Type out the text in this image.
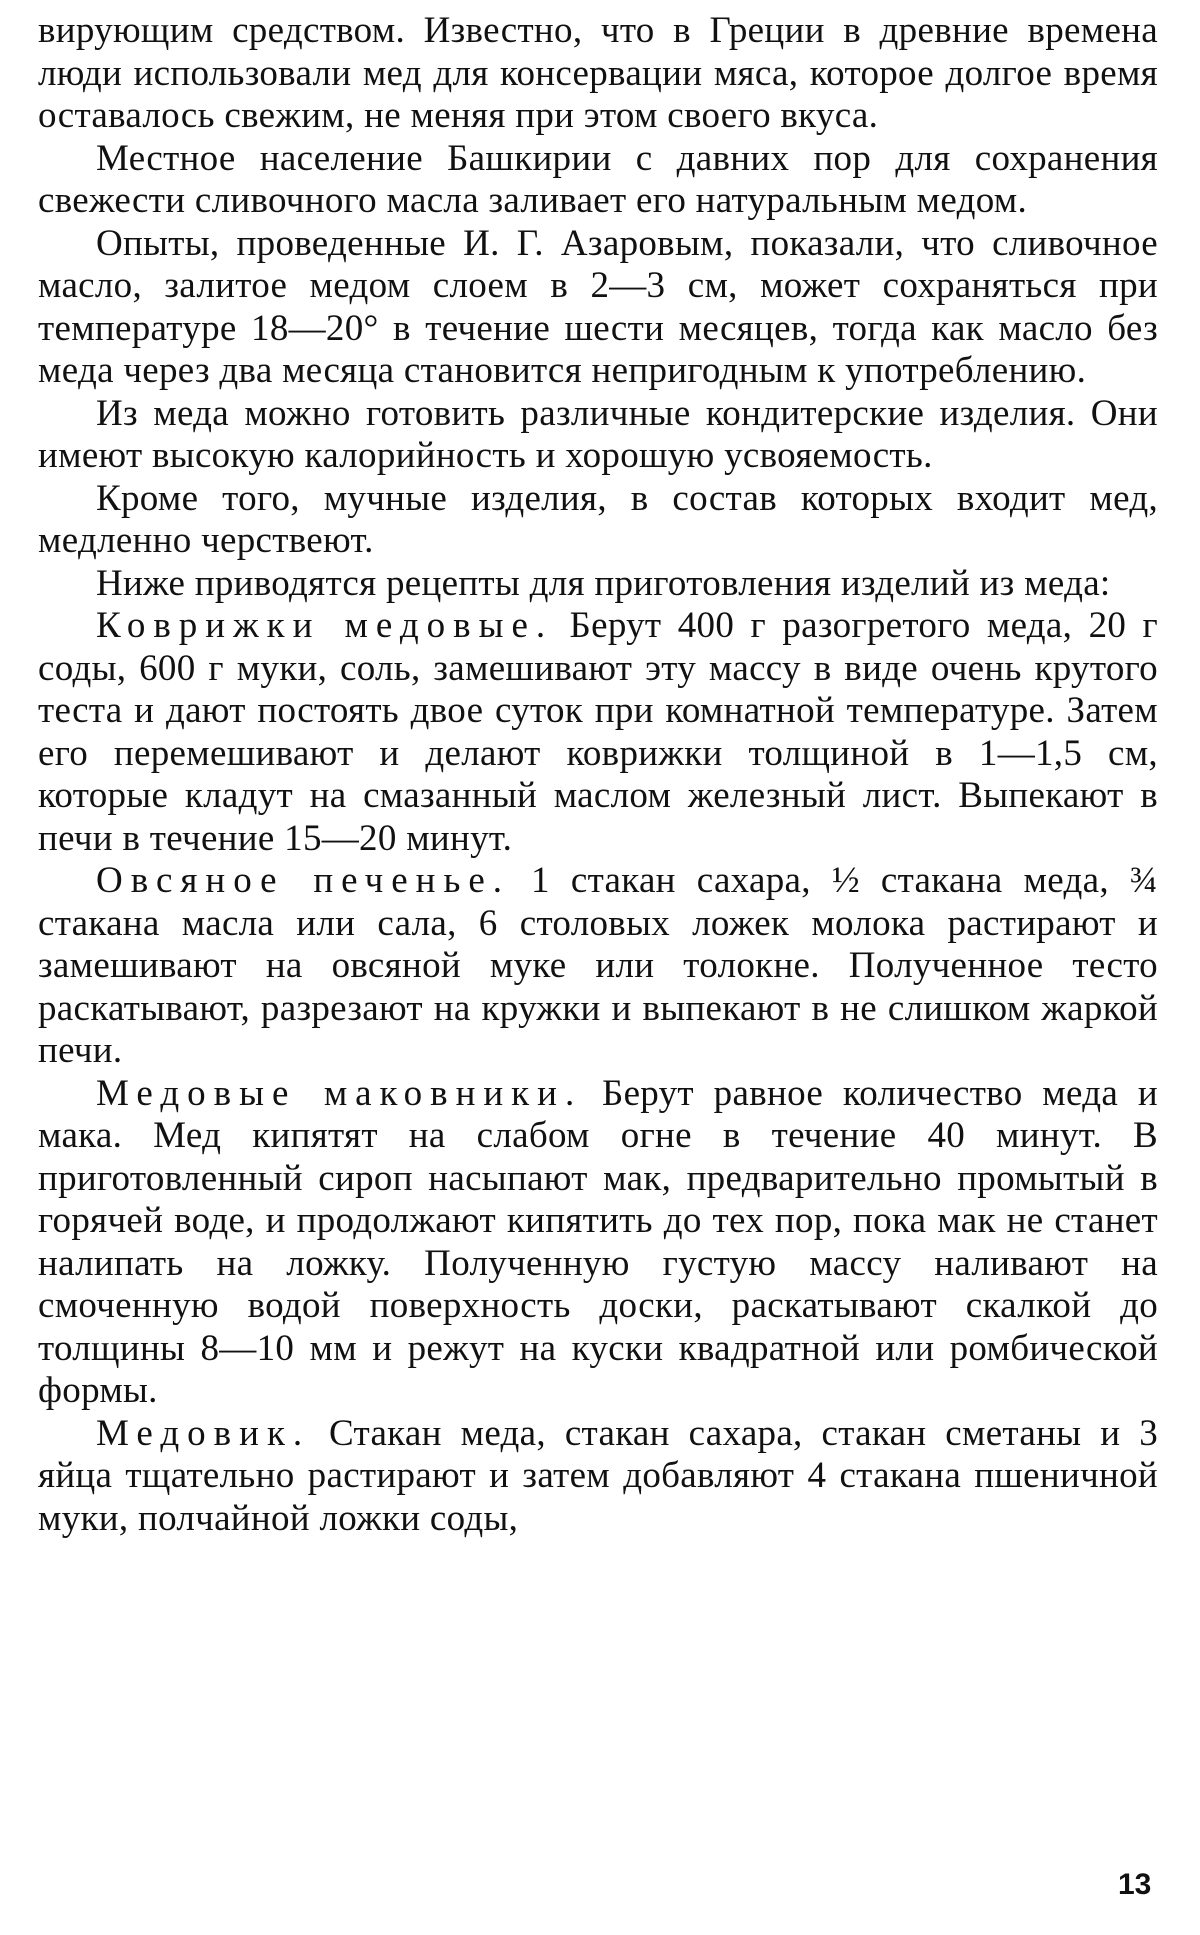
вирующим средством. Известно, что в Греции в древние времена люди использовали мед для консервации мяса, которое долгое время оставалось свежим, не меняя при этом своего вкуса.

Местное население Башкирии с давних пор для сохранения свежести сливочного масла заливает его натуральным медом.

Опыты, проведенные И. Г. Азаровым, показали, что сливочное масло, залитое медом слоем в 2—3 см, может сохраняться при температуре 18—20° в течение шести месяцев, тогда как масло без меда через два месяца становится непригодным к употреблению.

Из меда можно готовить различные кондитерские изделия. Они имеют высокую калорийность и хорошую усвояемость.

Кроме того, мучные изделия, в состав которых входит мед, медленно черствеют.

Ниже приводятся рецепты для приготовления изделий из меда:

Коврижки медовые. Берут 400 г разогретого меда, 20 г соды, 600 г муки, соль, замешивают эту массу в виде очень крутого теста и дают постоять двое суток при комнатной температуре. Затем его перемешивают и делают коврижки толщиной в 1—1,5 см, которые кладут на смазанный маслом железный лист. Выпекают в печи в течение 15—20 минут.

Овсяное печенье. 1 стакан сахара, ½ стакана меда, ¾ стакана масла или сала, 6 столовых ложек молока растирают и замешивают на овсяной муке или толокне. Полученное тесто раскатывают, разрезают на кружки и выпекают в не слишком жаркой печи.

Медовые маковники. Берут равное количество меда и мака. Мед кипятят на слабом огне в течение 40 минут. В приготовленный сироп насыпают мак, предварительно промытый в горячей воде, и продолжают кипятить до тех пор, пока мак не станет налипать на ложку. Полученную густую массу наливают на смоченную водой поверхность доски, раскатывают скалкой до толщины 8—10 мм и режут на куски квадратной или ромбической формы.

Медовик. Стакан меда, стакан сахара, стакан сметаны и 3 яйца тщательно растирают и затем добавляют 4 стакана пшеничной муки, полчайной ложки соды,

13
